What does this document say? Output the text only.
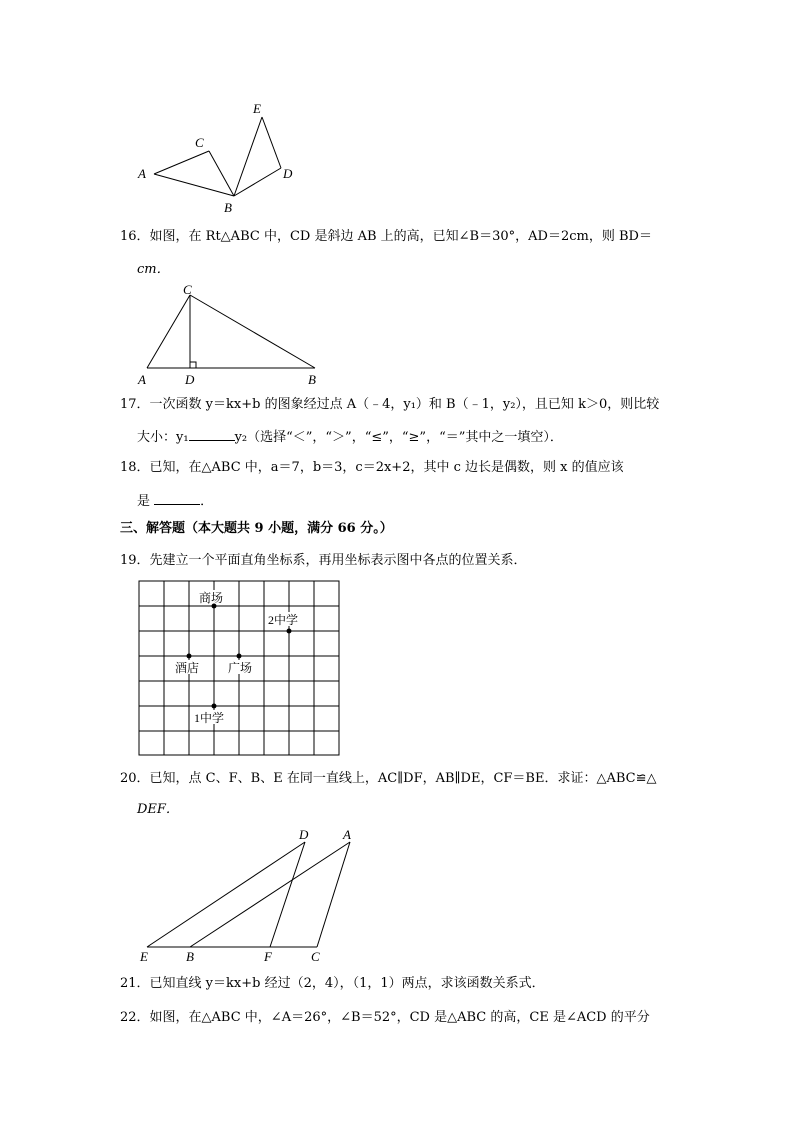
A
B
C
D
E
16．如图，在 Rt△ABC 中，CD 是斜边 AB 上的高，已知∠B＝30°，AD＝2cm，则 BD＝
cm．
C
A	D	B
17．一次函数 y＝kx+b 的图象经过点 A（﹣4，y₁）和 B（﹣1，y₂），且已知 k＞0，则比较
大小：y₁	y₂（选择“＜”，“＞”，“≤”，“≥”，“＝”其中之一填空）．
18．已知，在△ABC 中，a＝7，b＝3，c＝2x+2，其中 c 边长是偶数，则 x 的值应该
是	．
三、解答题（本大题共 9 小题，满分 66 分。）
19．先建立一个平面直角坐标系，再用坐标表示图中各点的位置关系．
商场
2中学
酒店 广场
1中学
20．已知，点 C、F、B、E 在同一直线上，AC∥DF，AB∥DE，CF＝BE．求证：△ABC≌△
DEF．
D	A
E	B	F	C
21．已知直线 y＝kx+b 经过（2，4），（1，1）两点，求该函数关系式．
22．如图，在△ABC 中，∠A＝26°，∠B＝52°，CD 是△ABC 的高，CE 是∠ACD 的平分
